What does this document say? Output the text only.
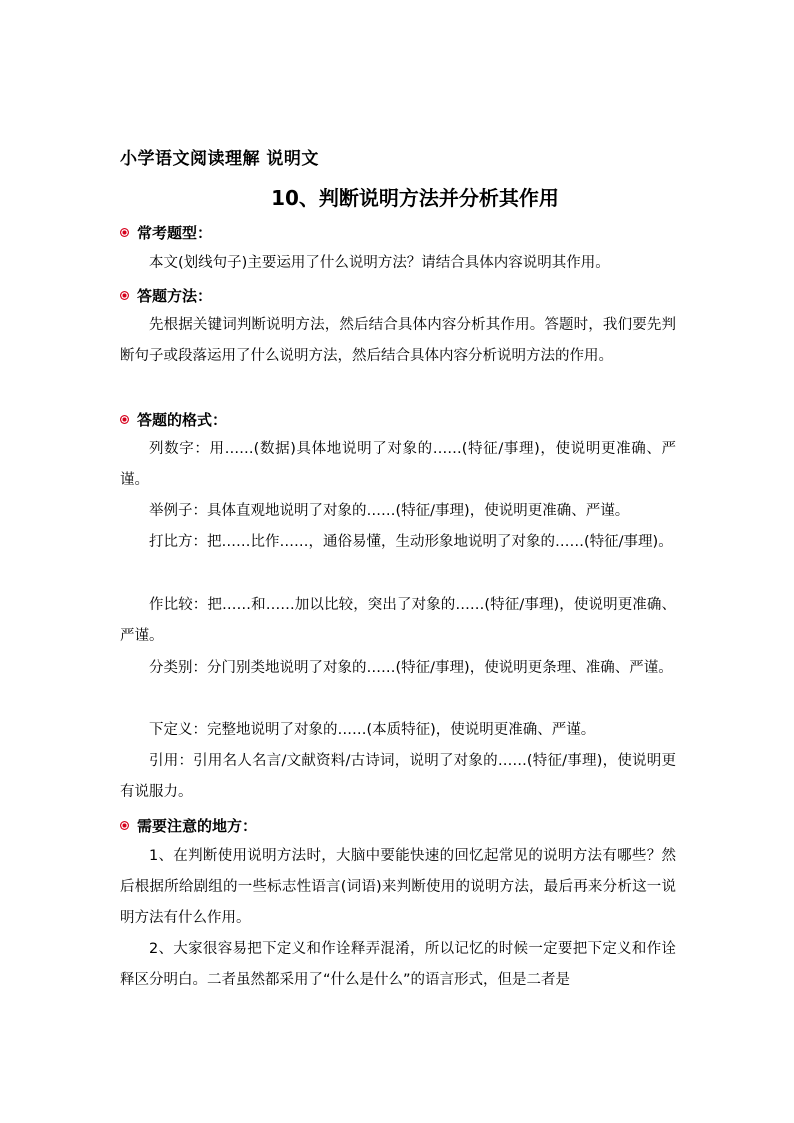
小学语文阅读理解 说明文
10、判断说明方法并分析其作用
常考题型：
本文(划线句子)主要运用了什么说明方法？请结合具体内容说明其作用。
答题方法：
先根据关键词判断说明方法，然后结合具体内容分析其作用。答题时，我们要先判断句子或段落运用了什么说明方法，然后结合具体内容分析说明方法的作用。
答题的格式：
列数字：用……(数据)具体地说明了对象的……(特征/事理)，使说明更准确、严谨。
举例子：具体直观地说明了对象的……(特征/事理)，使说明更准确、严谨。
打比方：把……比作……，通俗易懂，生动形象地说明了对象的……(特征/事理)。
作比较：把……和……加以比较，突出了对象的……(特征/事理)，使说明更准确、严谨。
分类别：分门别类地说明了对象的……(特征/事理)，使说明更条理、准确、严谨。
下定义：完整地说明了对象的……(本质特征)，使说明更准确、严谨。
引用：引用名人名言/文献资料/古诗词，说明了对象的……(特征/事理)，使说明更有说服力。
需要注意的地方：
1、在判断使用说明方法时，大脑中要能快速的回忆起常见的说明方法有哪些？然后根据所给剧组的一些标志性语言(词语)来判断使用的说明方法，最后再来分析这一说明方法有什么作用。
2、大家很容易把下定义和作诠释弄混淆，所以记忆的时候一定要把下定义和作诠释区分明白。二者虽然都采用了“什么是什么”的语言形式，但是二者是
